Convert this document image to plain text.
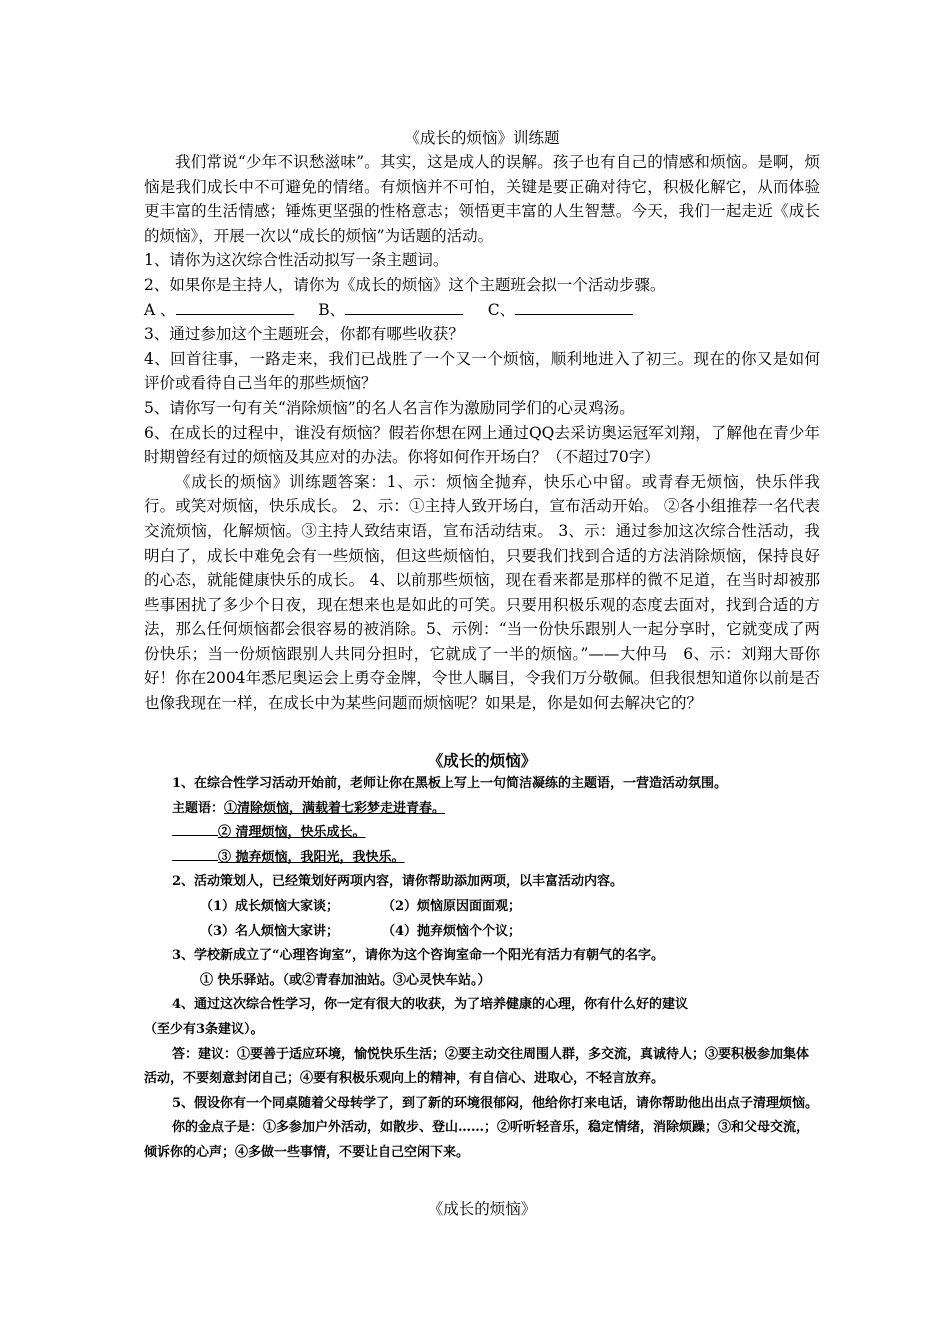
《成长的烦恼》训练题

我们常说“少年不识愁滋味”。其实，这是成人的误解。孩子也有自己的情感和烦恼。是啊，烦恼是我们成长中不可避免的情绪。有烦恼并不可怕，关键是要正确对待它，积极化解它，从而体验更丰富的生活情感；锤炼更坚强的性格意志；领悟更丰富的人生智慧。今天，我们一起走近《成长的烦恼》，开展一次以“成长的烦恼”为话题的活动。

1、请你为这次综合性活动拟写一条主题词。

2、如果你是主持人，请你为《成长的烦恼》这个主题班会拟一个活动步骤。

A 、	B、	C、

3、通过参加这个主题班会，你都有哪些收获？

4、回首往事，一路走来，我们已战胜了一个又一个烦恼，顺利地进入了初三。现在的你又是如何评价或看待自己当年的那些烦恼？

5、请你写一句有关“消除烦恼”的名人名言作为激励同学们的心灵鸡汤。

6、在成长的过程中，谁没有烦恼？假若你想在网上通过QQ去采访奥运冠军刘翔，了解他在青少年时期曾经有过的烦恼及其应对的办法。你将如何作开场白？（不超过70字）

《成长的烦恼》训练题答案：1、示：烦恼全抛弃，快乐心中留。或青春无烦恼，快乐伴我行。或笑对烦恼，快乐成长。 2、示：①主持人致开场白，宣布活动开始。 ②各小组推荐一名代表交流烦恼，化解烦恼。③主持人致结束语，宣布活动结束。 3、示：通过参加这次综合性活动，我明白了，成长中难免会有一些烦恼，但这些烦恼怕，只要我们找到合适的方法消除烦恼，保持良好的心态，就能健康快乐的成长。 4、以前那些烦恼，现在看来都是那样的微不足道，在当时却被那些事困扰了多少个日夜，现在想来也是如此的可笑。只要用积极乐观的态度去面对，找到合适的方法，那么任何烦恼都会很容易的被消除。5、示例：“当一份快乐跟别人一起分享时，它就变成了两份快乐；当一份烦恼跟别人共同分担时，它就成了一半的烦恼。”——大仲马　6、示：刘翔大哥你好！你在2004年悉尼奥运会上勇夺金牌，令世人瞩目，令我们万分敬佩。但我很想知道你以前是否也像我现在一样，在成长中为某些问题而烦恼呢？如果是，你是如何去解决它的？

《成长的烦恼》

1、在综合性学习活动开始前，老师让你在黑板上写上一句简洁凝练的主题语，一营造活动氛围。

主题语：①清除烦恼，满载着七彩梦走进青春。

② 清理烦恼，快乐成长。

③ 抛弃烦恼，我阳光，我快乐。

2、活动策划人，已经策划好两项内容，请你帮助添加两项，以丰富活动内容。

（1）成长烦恼大家谈；	（2）烦恼原因面面观；

（3）名人烦恼大家讲；	（4）抛弃烦恼个个议；

3、学校新成立了“心理咨询室”，请你为这个咨询室命一个阳光有活力有朝气的名字。

① 快乐驿站。（或②青春加油站。③心灵快车站。）

4、通过这次综合性学习，你一定有很大的收获，为了培养健康的心理，你有什么好的建议

（至少有3条建议）。

答：建议：①要善于适应环境，愉悦快乐生活；②要主动交往周围人群，多交流，真诚待人；③要积极参加集体活动，不要刻意封闭自己；④要有积极乐观向上的精神，有自信心、进取心，不轻言放弃。

5、假设你有一个同桌随着父母转学了，到了新的环境很郁闷，他给你打来电话，请你帮助他出出点子清理烦恼。

你的金点子是：①多参加户外活动，如散步、登山……；②听听轻音乐，稳定情绪，消除烦躁；③和父母交流，倾诉你的心声；④多做一些事情，不要让自己空闲下来。

《成长的烦恼》
